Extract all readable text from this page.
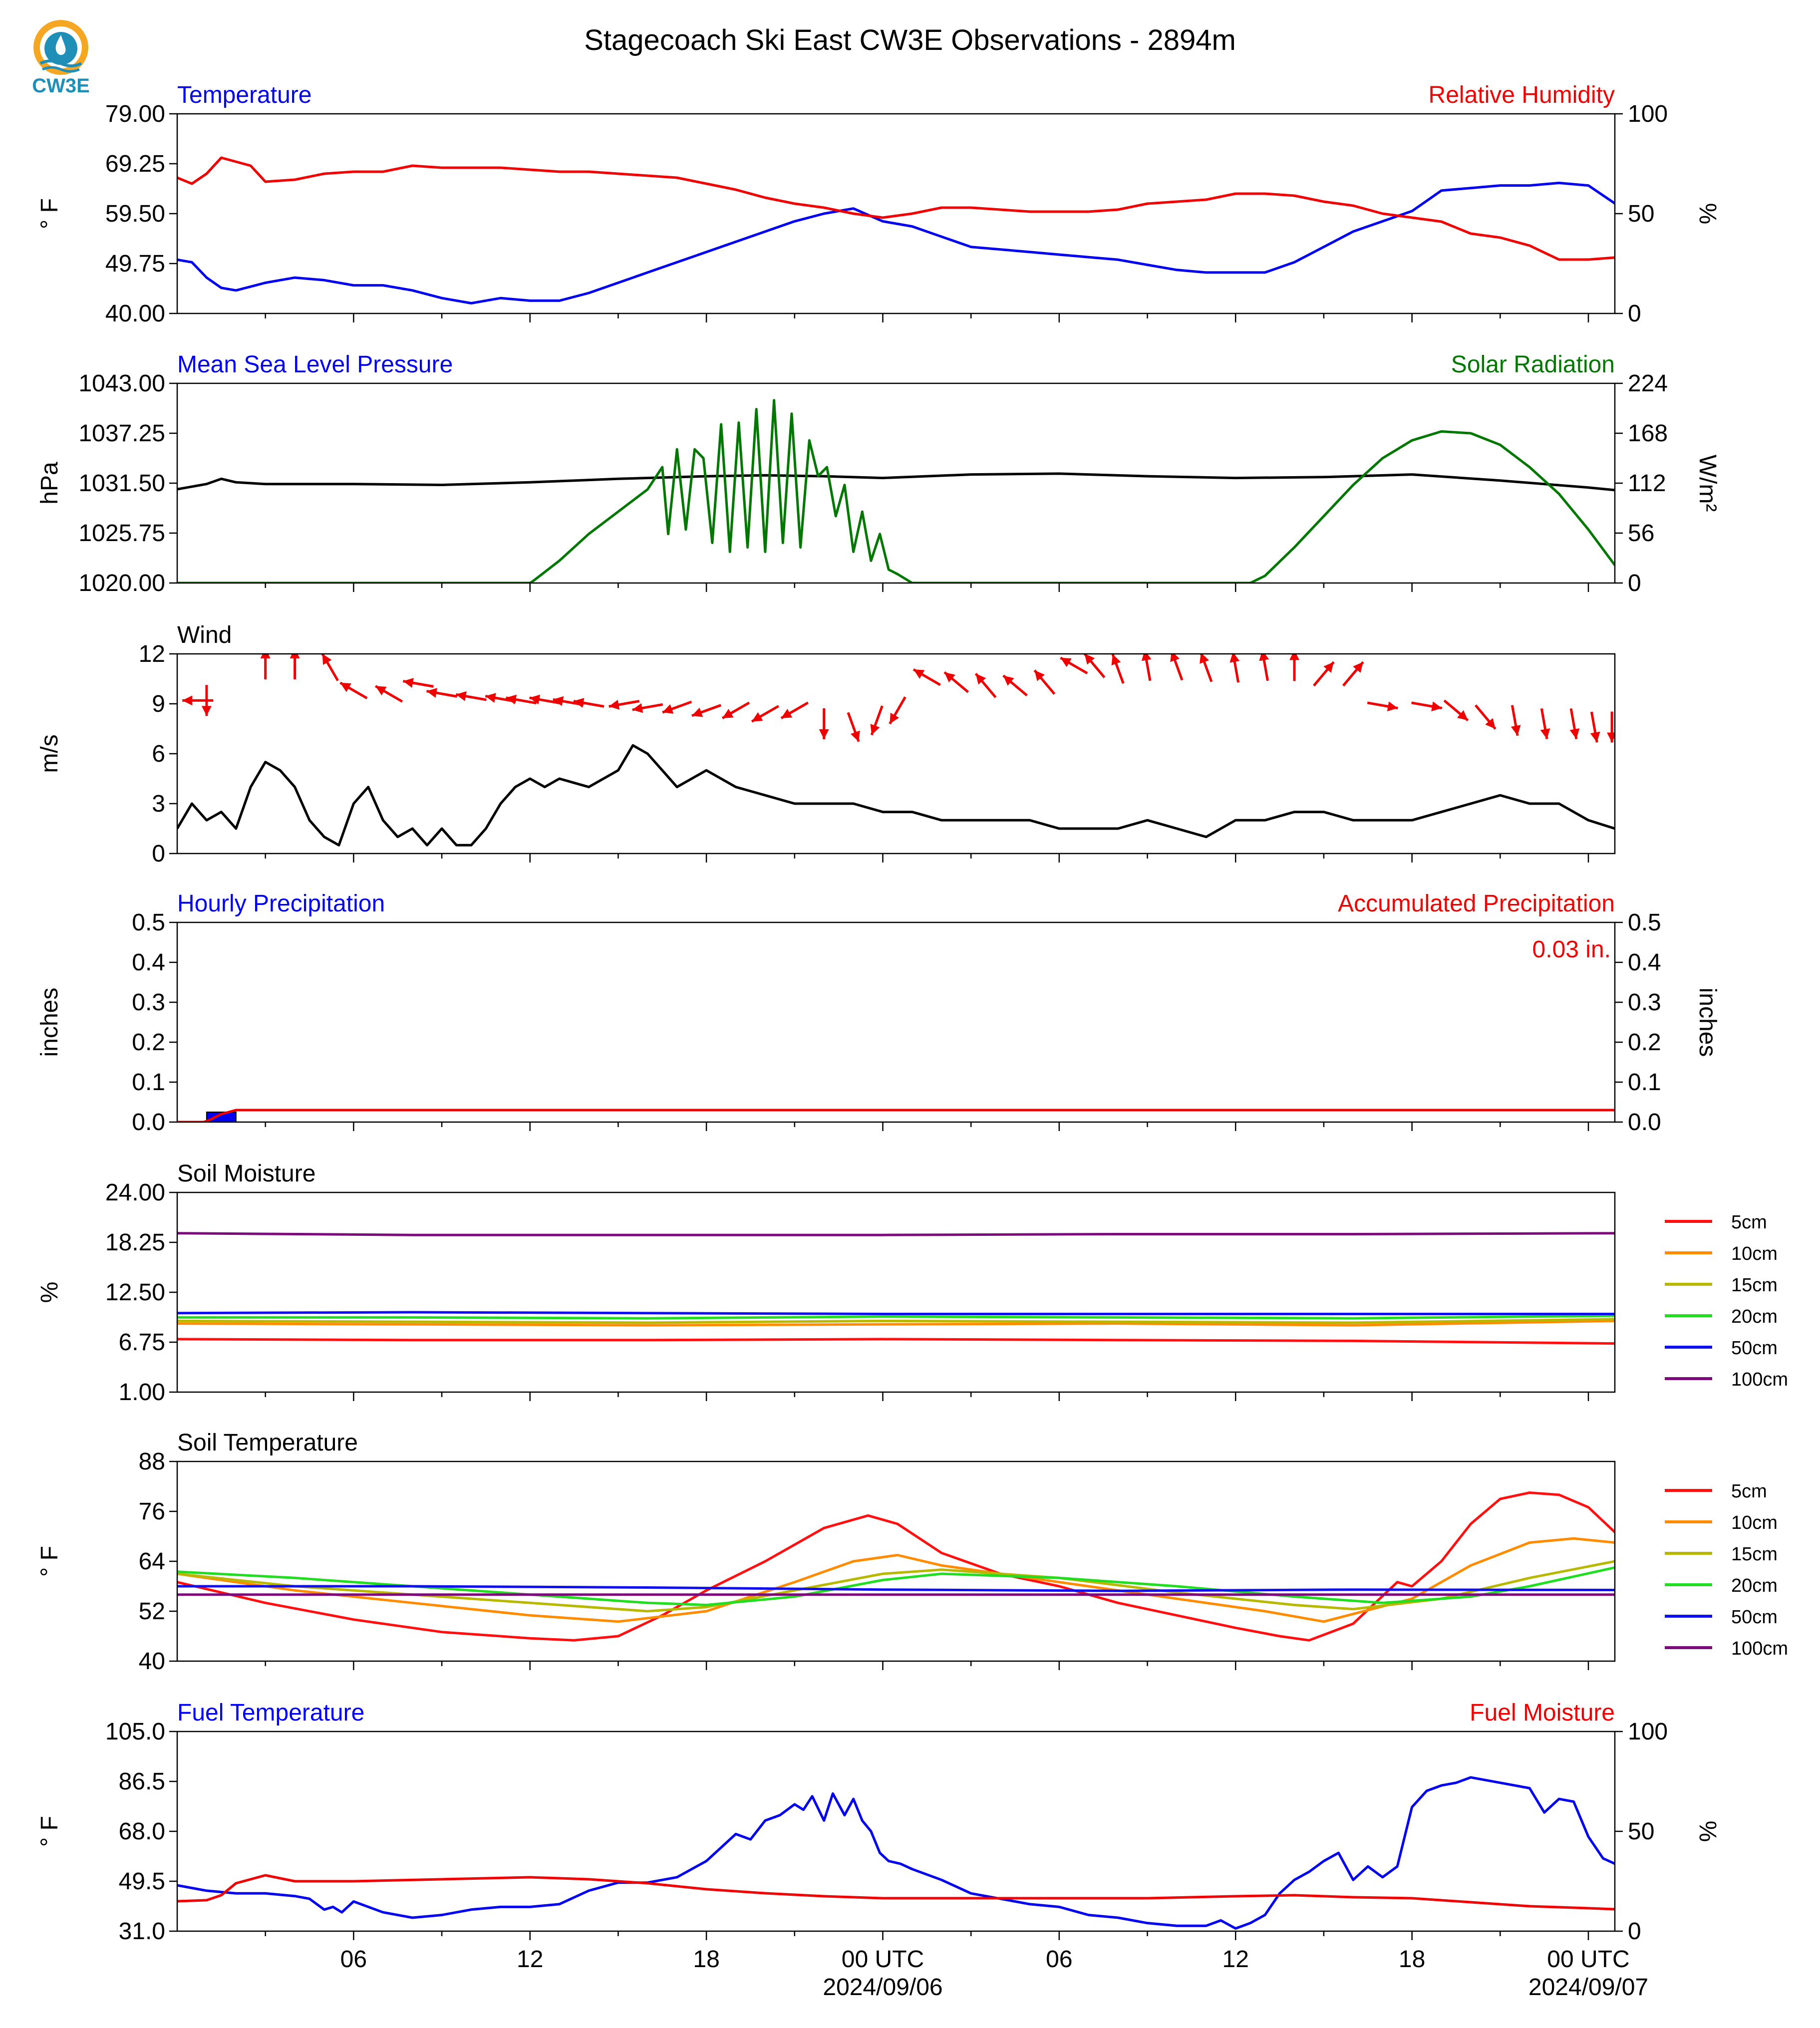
CW3E
Stagecoach Ski East CW3E Observations - 2894m
79.00
69.25
59.50
49.75
40.00
100
50
0
° F	%
Temperature	Relative Humidity
1043.00
1037.25
1031.50
1025.75
1020.00
224
168
112
56
0
hPa	W/m²
Mean Sea Level Pressure	Solar Radiation
12
9
6
3
0
m/s
Wind
0.5
0.4
0.3
0.2
0.1
0.0
0.5
0.4
0.3
0.2
0.1
0.0
inches	inches
Hourly Precipitation	Accumulated Precipitation
0.03 in.
24.00
18.25
12.50
6.75
1.00
%
Soil Moisture
5cm
10cm
15cm
20cm
50cm
100cm
88
76
64
52
40
° F
Soil Temperature
5cm
10cm
15cm
20cm
50cm
100cm
105.0
86.5
68.0
49.5
31.0
100
50
0
° F	%
Fuel Temperature	Fuel Moisture
06	12	18	00 UTC	06	12	18	00 UTC
2024/09/06	2024/09/07
